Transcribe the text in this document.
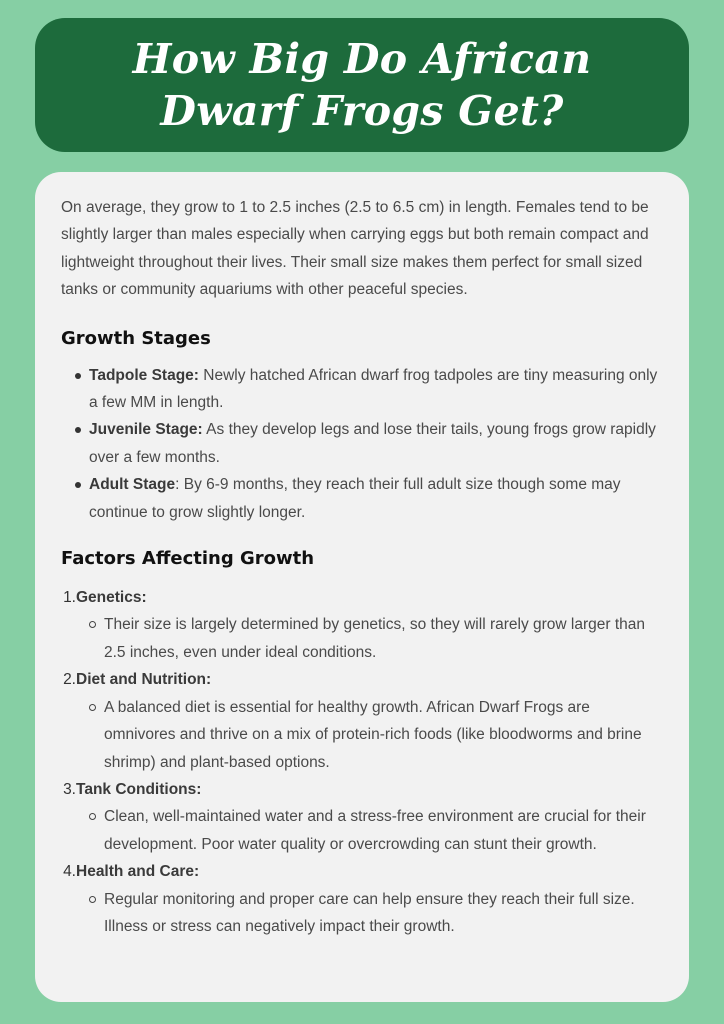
How Big Do African Dwarf Frogs Get?

On average, they grow to 1 to 2.5 inches (2.5 to 6.5 cm) in length. Females tend to be slightly larger than males especially when carrying eggs but both remain compact and lightweight throughout their lives. Their small size makes them perfect for small sized tanks or community aquariums with other peaceful species.

Growth Stages
Tadpole Stage: Newly hatched African dwarf frog tadpoles are tiny measuring only a few MM in length.
Juvenile Stage: As they develop legs and lose their tails, young frogs grow rapidly over a few months.
Adult Stage: By 6-9 months, they reach their full adult size though some may continue to grow slightly longer.
Factors Affecting Growth
1. Genetics:

Their size is largely determined by genetics, so they will rarely grow larger than 2.5 inches, even under ideal conditions.

2. Diet and Nutrition:

A balanced diet is essential for healthy growth. African Dwarf Frogs are omnivores and thrive on a mix of protein-rich foods (like bloodworms and brine shrimp) and plant-based options.

3. Tank Conditions:

Clean, well-maintained water and a stress-free environment are crucial for their development. Poor water quality or overcrowding can stunt their growth.

4. Health and Care:

Regular monitoring and proper care can help ensure they reach their full size. Illness or stress can negatively impact their growth.
